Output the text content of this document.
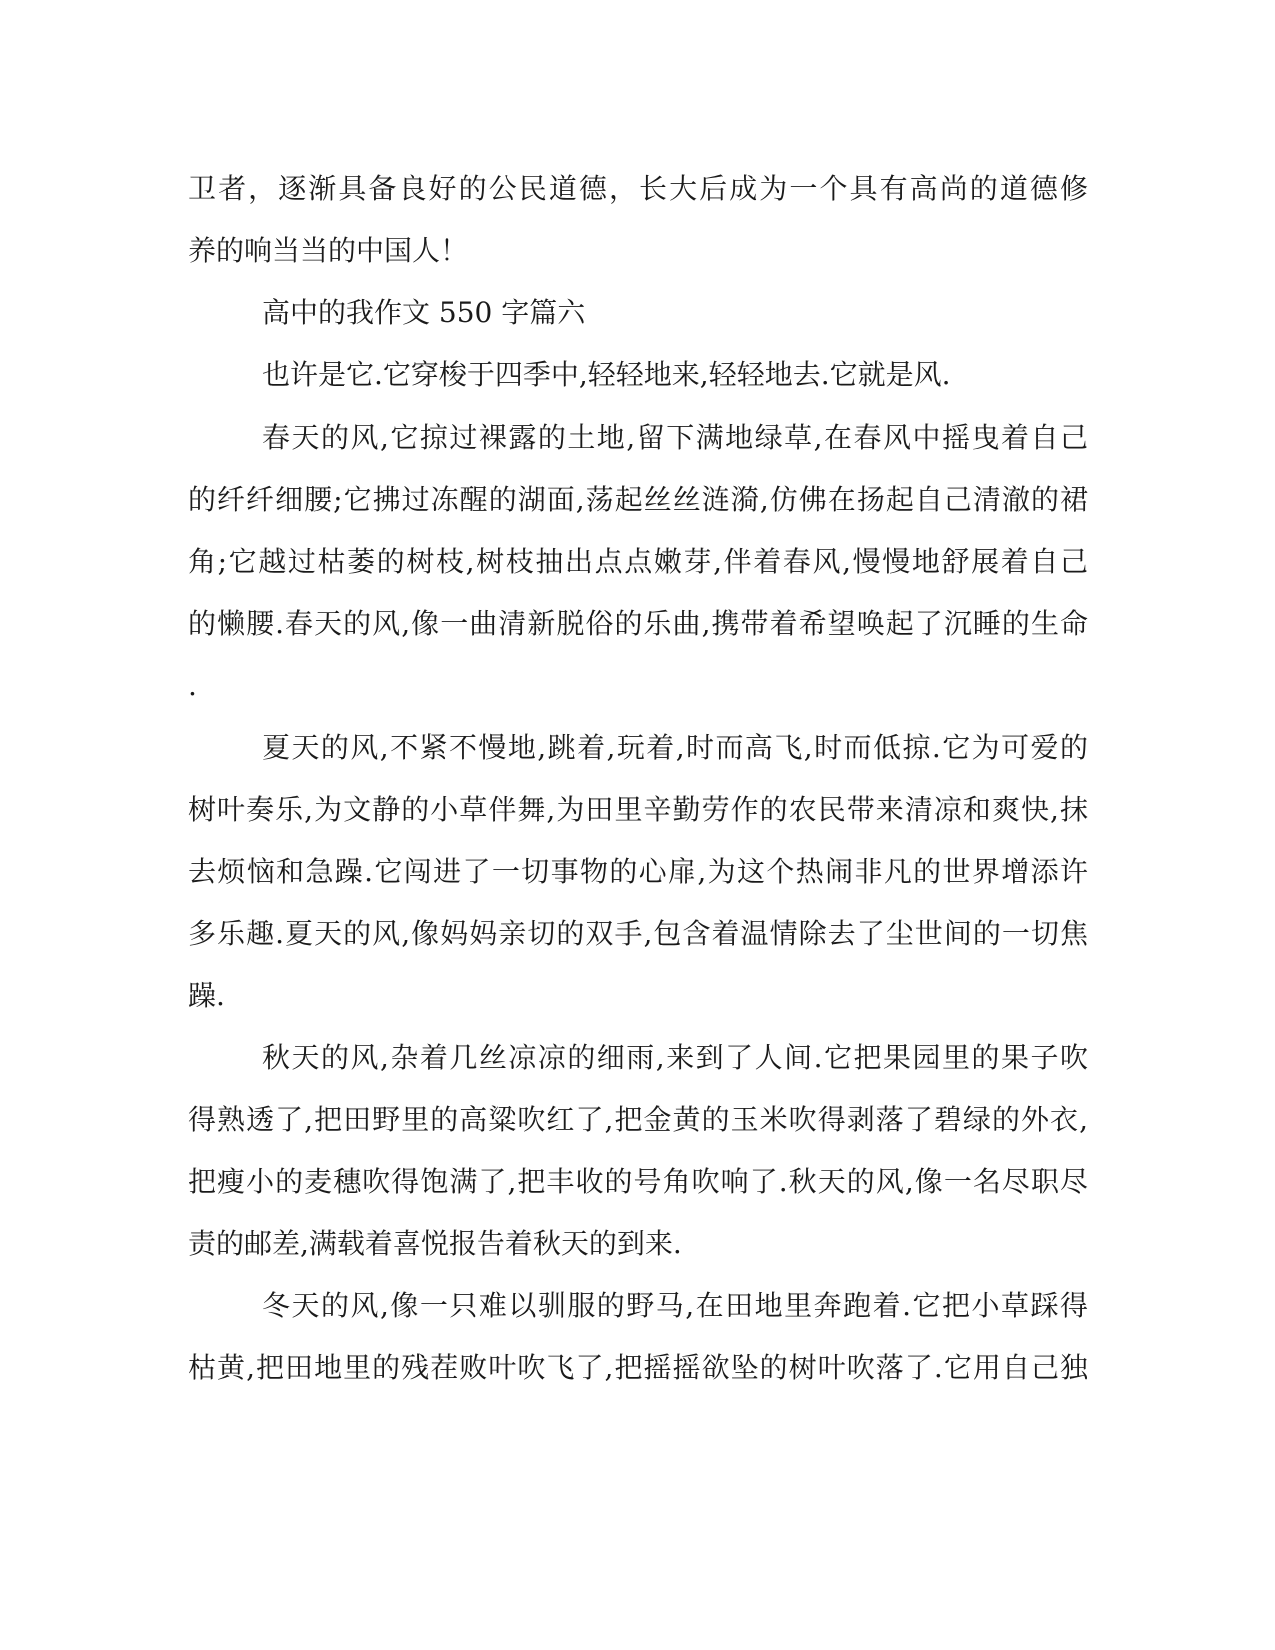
卫者，逐渐具备良好的公民道德，长大后成为一个具有高尚的道德修
养的响当当的中国人！
高中的我作文 550 字篇六
也许是它.它穿梭于四季中,轻轻地来,轻轻地去.它就是风.
春天的风,它掠过裸露的土地,留下满地绿草,在春风中摇曳着自己
的纤纤细腰;它拂过冻醒的湖面,荡起丝丝涟漪,仿佛在扬起自己清澈的裙
角;它越过枯萎的树枝,树枝抽出点点嫩芽,伴着春风,慢慢地舒展着自己
的懒腰.春天的风,像一曲清新脱俗的乐曲,携带着希望唤起了沉睡的生命
.
夏天的风,不紧不慢地,跳着,玩着,时而高飞,时而低掠.它为可爱的
树叶奏乐,为文静的小草伴舞,为田里辛勤劳作的农民带来清凉和爽快,抹
去烦恼和急躁.它闯进了一切事物的心扉,为这个热闹非凡的世界增添许
多乐趣.夏天的风,像妈妈亲切的双手,包含着温情除去了尘世间的一切焦
躁.
秋天的风,杂着几丝凉凉的细雨,来到了人间.它把果园里的果子吹
得熟透了,把田野里的高粱吹红了,把金黄的玉米吹得剥落了碧绿的外衣,
把瘦小的麦穗吹得饱满了,把丰收的号角吹响了.秋天的风,像一名尽职尽
责的邮差,满载着喜悦报告着秋天的到来.
冬天的风,像一只难以驯服的野马,在田地里奔跑着.它把小草踩得
枯黄,把田地里的残茬败叶吹飞了,把摇摇欲坠的树叶吹落了.它用自己独
